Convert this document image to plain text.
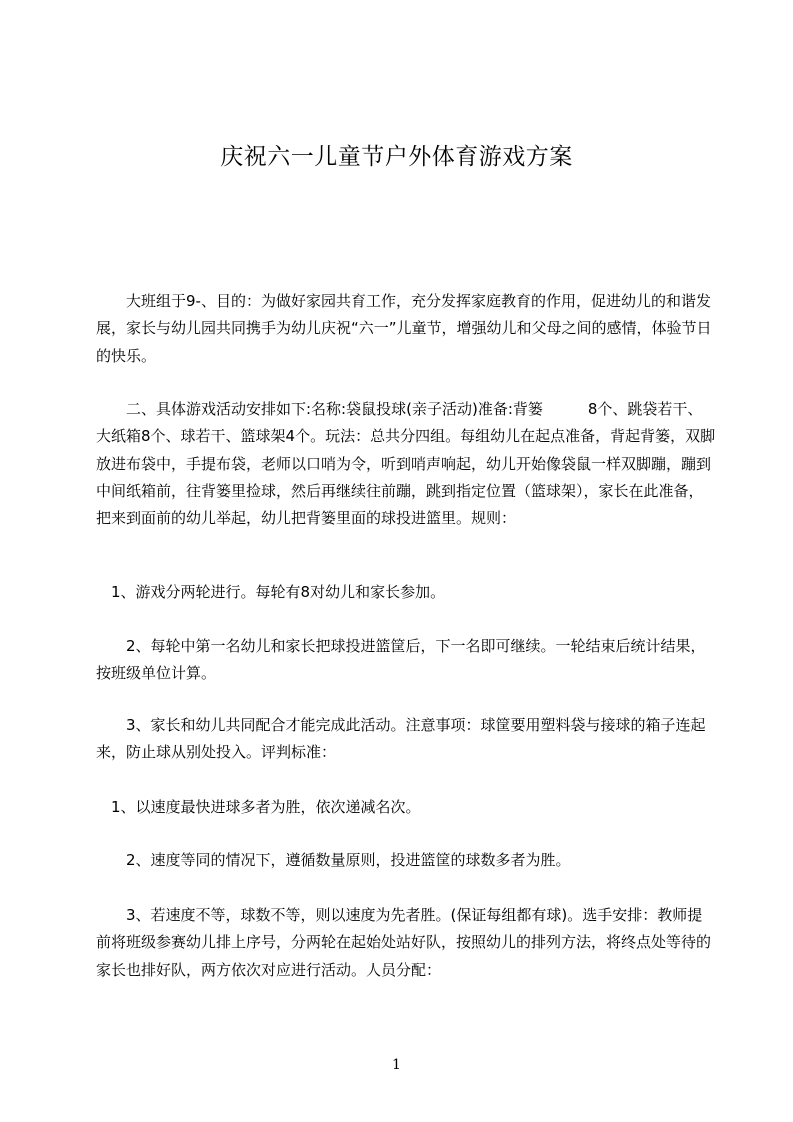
庆祝六一儿童节户外体育游戏方案

　　大班组于9-、目的：为做好家园共育工作，充分发挥家庭教育的作用，促进幼儿的和谐发展，家长与幼儿园共同携手为幼儿庆祝“六一”儿童节，增强幼儿和父母之间的感情，体验节日的快乐。

　　二、具体游戏活动安排如下:名称:袋鼠投球(亲子活动)准备:背篓　　　8个、跳袋若干、大纸箱8个、球若干、篮球架4个。玩法：总共分四组。每组幼儿在起点准备，背起背篓，双脚放进布袋中，手提布袋，老师以口哨为令，听到哨声响起，幼儿开始像袋鼠一样双脚蹦，蹦到中间纸箱前，往背篓里捡球，然后再继续往前蹦，跳到指定位置（篮球架），家长在此准备，把来到面前的幼儿举起，幼儿把背篓里面的球投进篮里。规则：

　1、游戏分两轮进行。每轮有8对幼儿和家长参加。

　　2、每轮中第一名幼儿和家长把球投进篮筐后，下一名即可继续。一轮结束后统计结果，按班级单位计算。

　　3、家长和幼儿共同配合才能完成此活动。注意事项：球筐要用塑料袋与接球的箱子连起来，防止球从别处投入。评判标准：

　1、以速度最快进球多者为胜，依次递减名次。

　　2、速度等同的情况下，遵循数量原则，投进篮筐的球数多者为胜。

　　3、若速度不等，球数不等，则以速度为先者胜。(保证每组都有球)。选手安排：教师提前将班级参赛幼儿排上序号，分两轮在起始处站好队，按照幼儿的排列方法，将终点处等待的家长也排好队，两方依次对应进行活动。人员分配：

1
